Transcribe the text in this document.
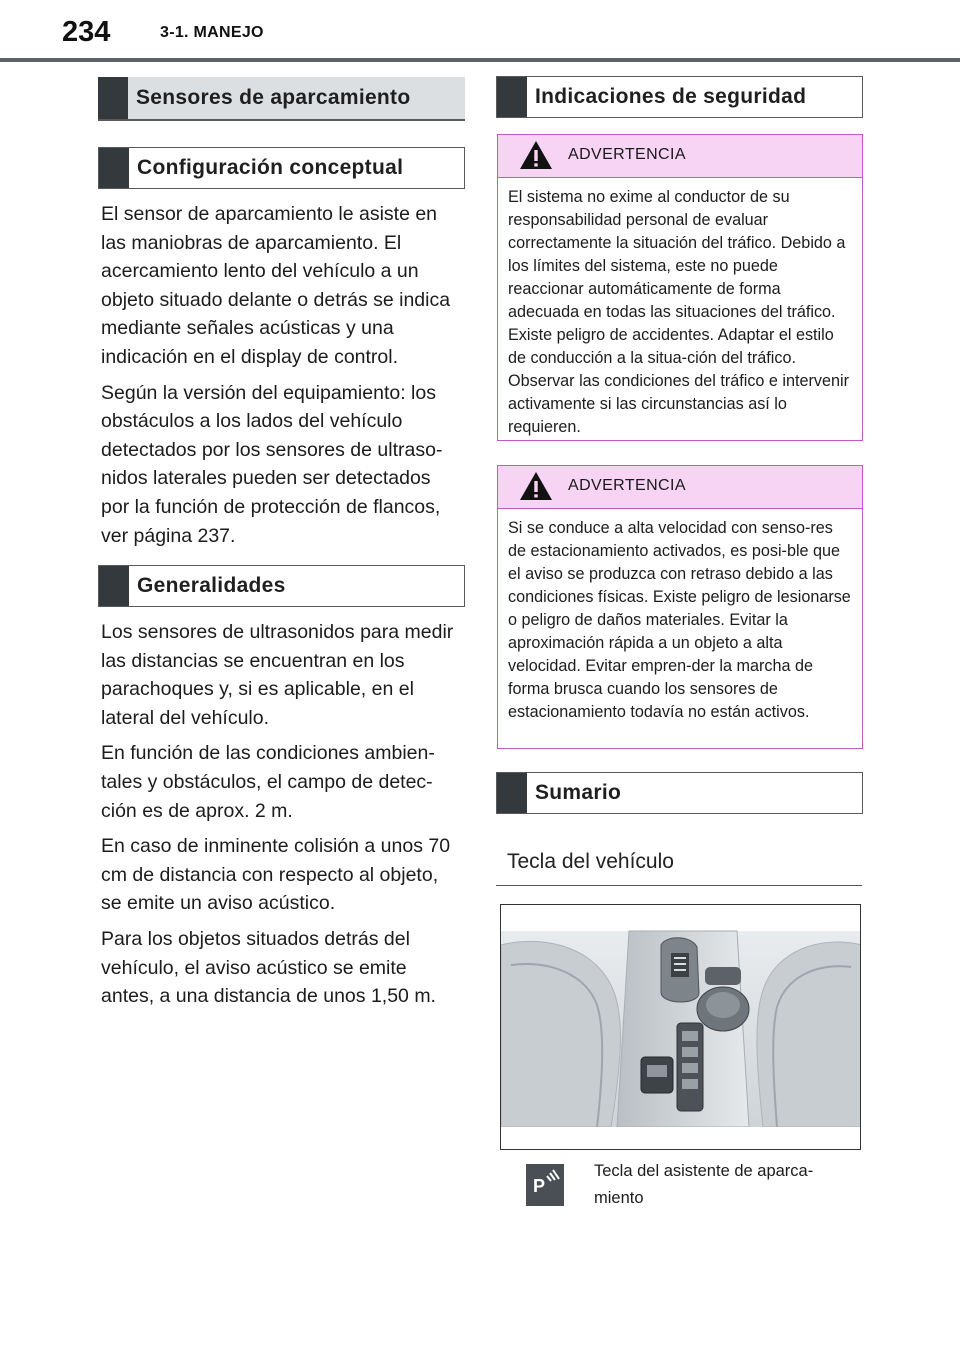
234	3-1. MANEJO
Sensores de aparcamiento
Configuración conceptual

El sensor de aparcamiento le asiste en las maniobras de aparcamiento. El acercamiento lento del vehículo a un objeto situado delante o detrás se indica mediante señales acústicas y una indicación en el display de control.

Según la versión del equipamiento: los obstáculos a los lados del vehículo detectados por los sensores de ultraso-nidos laterales pueden ser detectados por la función de protección de flancos, ver página 237.

Generalidades

Los sensores de ultrasonidos para medir las distancias se encuentran en los parachoques y, si es aplicable, en el lateral del vehículo.

En función de las condiciones ambien-tales y obstáculos, el campo de detec-ción es de aprox. 2 m.

En caso de inminente colisión a unos 70 cm de distancia con respecto al objeto, se emite un aviso acústico.

Para los objetos situados detrás del vehículo, el aviso acústico se emite antes, a una distancia de unos 1,50 m.

Indicaciones de seguridad
ADVERTENCIA
El sistema no exime al conductor de su responsabilidad personal de evaluar correctamente la situación del tráfico. Debido a los límites del sistema, este no puede reaccionar automáticamente de forma adecuada en todas las situaciones del tráfico. Existe peligro de accidentes. Adaptar el estilo de conducción a la situa-ción del tráfico. Observar las condiciones del tráfico e intervenir activamente si las circunstancias así lo requieren.
ADVERTENCIA
Si se conduce a alta velocidad con senso-res de estacionamiento activados, es posi-ble que el aviso se produzca con retraso debido a las condiciones físicas. Existe peligro de lesionarse o peligro de daños materiales. Evitar la aproximación rápida a un objeto a alta velocidad. Evitar empren-der la marcha de forma brusca cuando los sensores de estacionamiento todavía no están activos.
Sumario
Tecla del vehículo
P
Tecla del asistente de aparca-miento
